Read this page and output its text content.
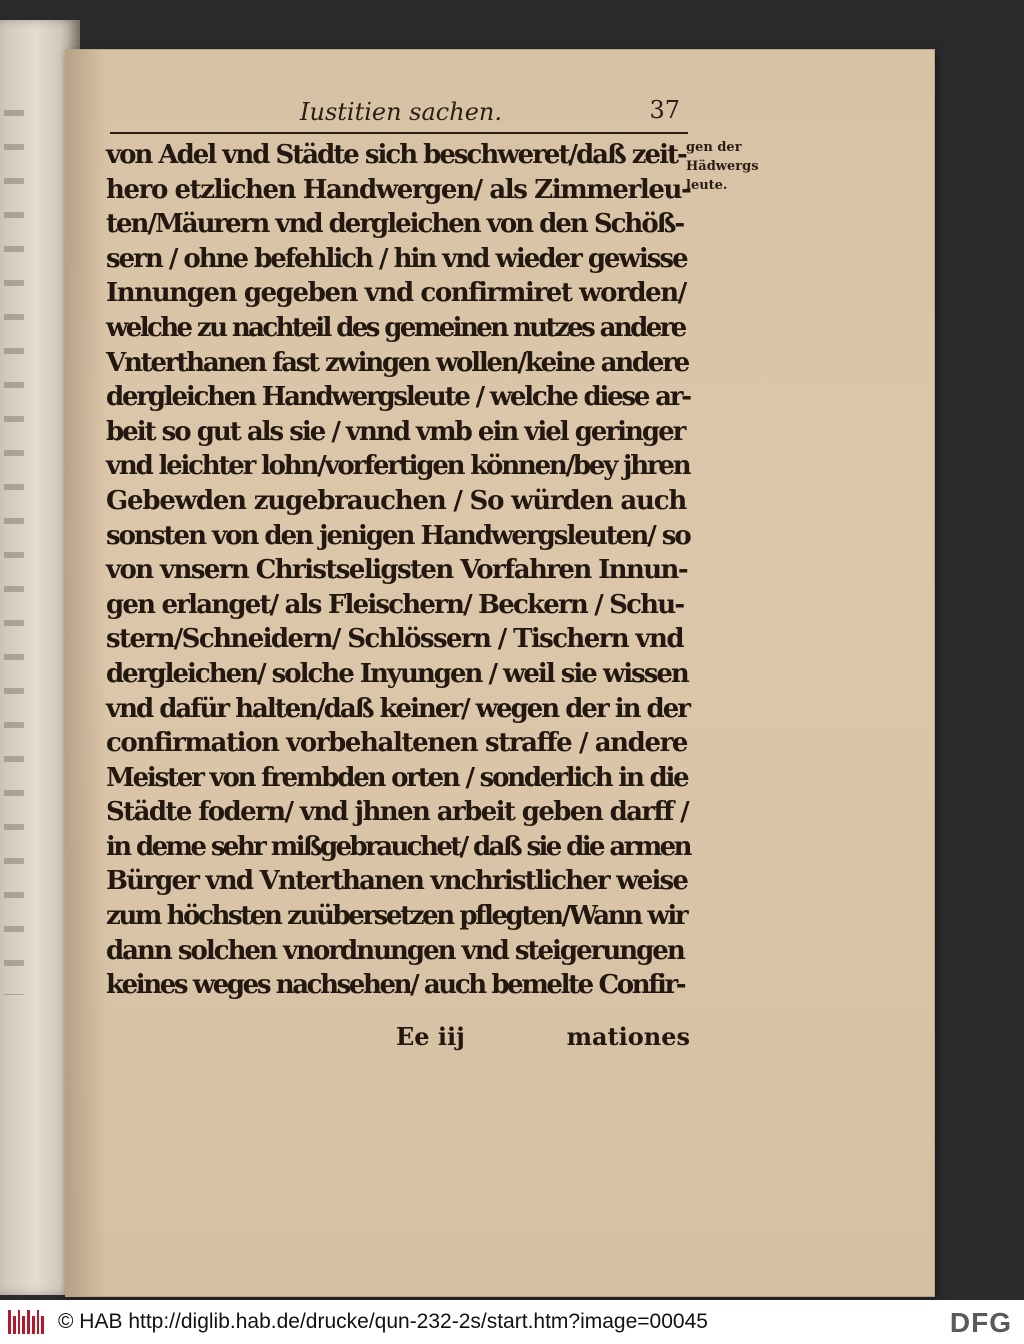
Iustitien sachen.	37
von Adel vnd Städte sich beschweret/daß zeit-
hero etzlichen Handwergen/ als Zimmerleu-
ten/Mäurern vnd dergleichen von den Schöß-
sern / ohne befehlich / hin vnd wieder gewisse
Innungen gegeben vnd confirmiret worden/
welche zu nachteil des gemeinen nutzes andere
Vnterthanen fast zwingen wollen/keine andere
dergleichen Handwergsleute / welche diese ar-
beit so gut als sie / vnnd vmb ein viel geringer
vnd leichter lohn/vorfertigen können/bey jhren
Gebewden zugebrauchen / So würden auch
sonsten von den jenigen Handwergsleuten/ so
von vnsern Christseligsten Vorfahren Innun-
gen erlanget/ als Fleischern/ Beckern / Schu-
stern/Schneidern/ Schlössern / Tischern vnd
dergleichen/ solche Inyungen / weil sie wissen
vnd dafür halten/daß keiner/ wegen der in der
confirmation vorbehaltenen straffe / andere
Meister von frembden orten / sonderlich in die
Städte fodern/ vnd jhnen arbeit geben darff /
in deme sehr mißgebrauchet/ daß sie die armen
Bürger vnd Vnterthanen vnchristlicher weise
zum höchsten zuübersetzen pflegten/Wann wir
dann solchen vnordnungen vnd steigerungen
keines weges nachsehen/ auch bemelte Confir-
gen der
Hädwergs
leute.
Ee iij	mationes
© HAB http://diglib.hab.de/drucke/qun-232-2s/start.htm?image=00045	DFG
